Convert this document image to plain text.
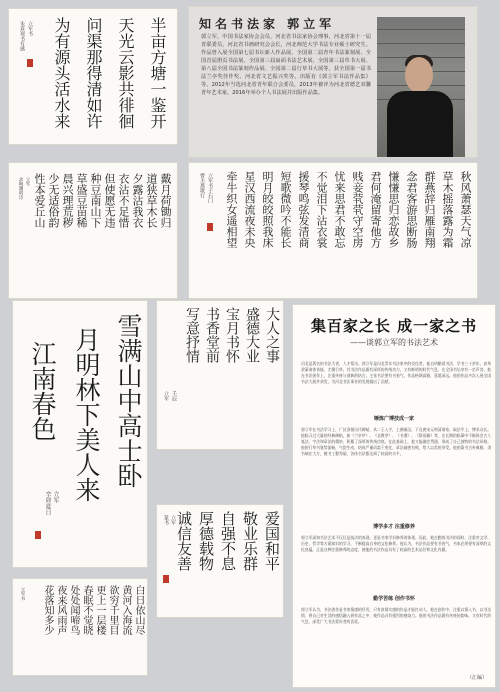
半亩方塘一鉴开
天光云影共徘徊
问渠那得清如许
为有源头活水来
朱熹观书有感 立军书	知名书法家 郭立军
郭立军，中国书法家协会会员，河北省书法家协会理事，河北省第十一届青联委员，河北省书画研究会会长，河北师范大学书法专业硕士研究生。作品曾入展全国第七届书坛新人作品展、全国第二届青年书法篆刻展、全国首届册页书法展、全国第三届扇面书法艺术展、全国第三届草书大展、第八届全国书法篆刻作品展、全国第二届行草书大展等，获全国第一届书法兰亭奖佳作奖、河北省文艺振兴奖等。出版有《郭立军书法作品集》等。2012年当选河北省青年联合会委员，2013年被评为河北省德艺双馨青年艺术家，2016年举办个人书法展并出版作品集。
戴月荷锄归
道狭草木长
夕露沾我衣
衣沾不足惜
但使愿无违
种豆南山下
草盛豆苗稀
晨兴理荒秽
少无适俗韵
性本爱丘山
录陶渊明诗 立军	秋风萧瑟天气凉
草木摇落露为霜
群燕辞归雁南翔
念君客游思断肠
慊慊思归恋故乡
君何淹留寄他方
贱妾茕茕守空房
忧来思君不敢忘
不觉泪下沾衣裳
援琴鸣弦发清商
短歌微吟不能长
明月皎皎照我床
星汉西流夜未央
牵牛织女遥相望
曹丕燕歌行 立军书于石门
雪满山中高士卧
月明林下美人来
江南春色
辛卯夏日 立军
大人之事
盛德大业
宝月书怀
书香堂前
写意抒情
立军 壬辰
爱国和平
敬业乐群
自强不息
厚德载物
诚信友善
篆书 立军
白日依山尽
黄河入海流
欲穷千里目
更上一层楼
春眠不觉晓
处处闻啼鸟
夜来风雨声
花落知多少
立军书
集百家之长 成一家之书
——谈郭立军的书法艺术
河北是著名的书法大省，人才辈出。郭立军是河北青年书法家中的佼佼者。他自幼酷爱书法，学书三十余年，真草隶篆诸体皆能，尤擅行草。其书法作品既有深厚的传统功力，又有鲜明的时代气息，在全国书坛享有一定声誉。他在书法创作上，注重传统与创新的结合，主张书法要有书卷气，作品格调高雅，意境深远。他的作品多次入展全国书法大展并获奖，为河北书法事业的发展做出了贡献。
锤炼广博技成一家
郭立军在书法学习上，广泛涉猎历代碑帖，从二王入手，上溯秦汉，下及唐宋元明清诸家，取法乎上，博采众长。他临习过大量的经典碑帖，如《兰亭序》、《圣教序》、《书谱》、《祭侄稿》等，在长期的临摹中不断体会古人笔法、字法和章法的精妙，积累了深厚的传统功底。在此基础上，他又能融会贯通，形成了自己独特的书法风格。他的行草书笔势流畅，气韵生动，结体严谨而富于变化，章法疏密有致，给人以美的享受。他的篆书古朴典雅，隶书端庄大方，楷书工整秀丽，各体书法都达到了较高的水平。
博学多才 注重修养
郭立军深知书法艺术不仅仅是技法的表现，更是书家学识修养的体现。因此，他在勤练书法的同时，注重对文学、历史、哲学等方面知识的学习，不断提高自身的文化修养。他认为，书法作品要有书卷气，书家必须要有深厚的文化底蕴。正是这种注重修养的态度，使他的书法作品具有了较高的艺术品位和文化内涵。
勤学苦练 创作书怀
郭立军认为，书法创作是书家情感的抒发，只有真情实感的作品才能打动人。他在创作中，注重以情入书，以书达情，将自己对生活的感悟融入到作品之中，使作品具有强烈的感染力。他的书法作品既有传统的韵味，又有时代的气息，深受广大书法爱好者的喜爱。
（汇编）
